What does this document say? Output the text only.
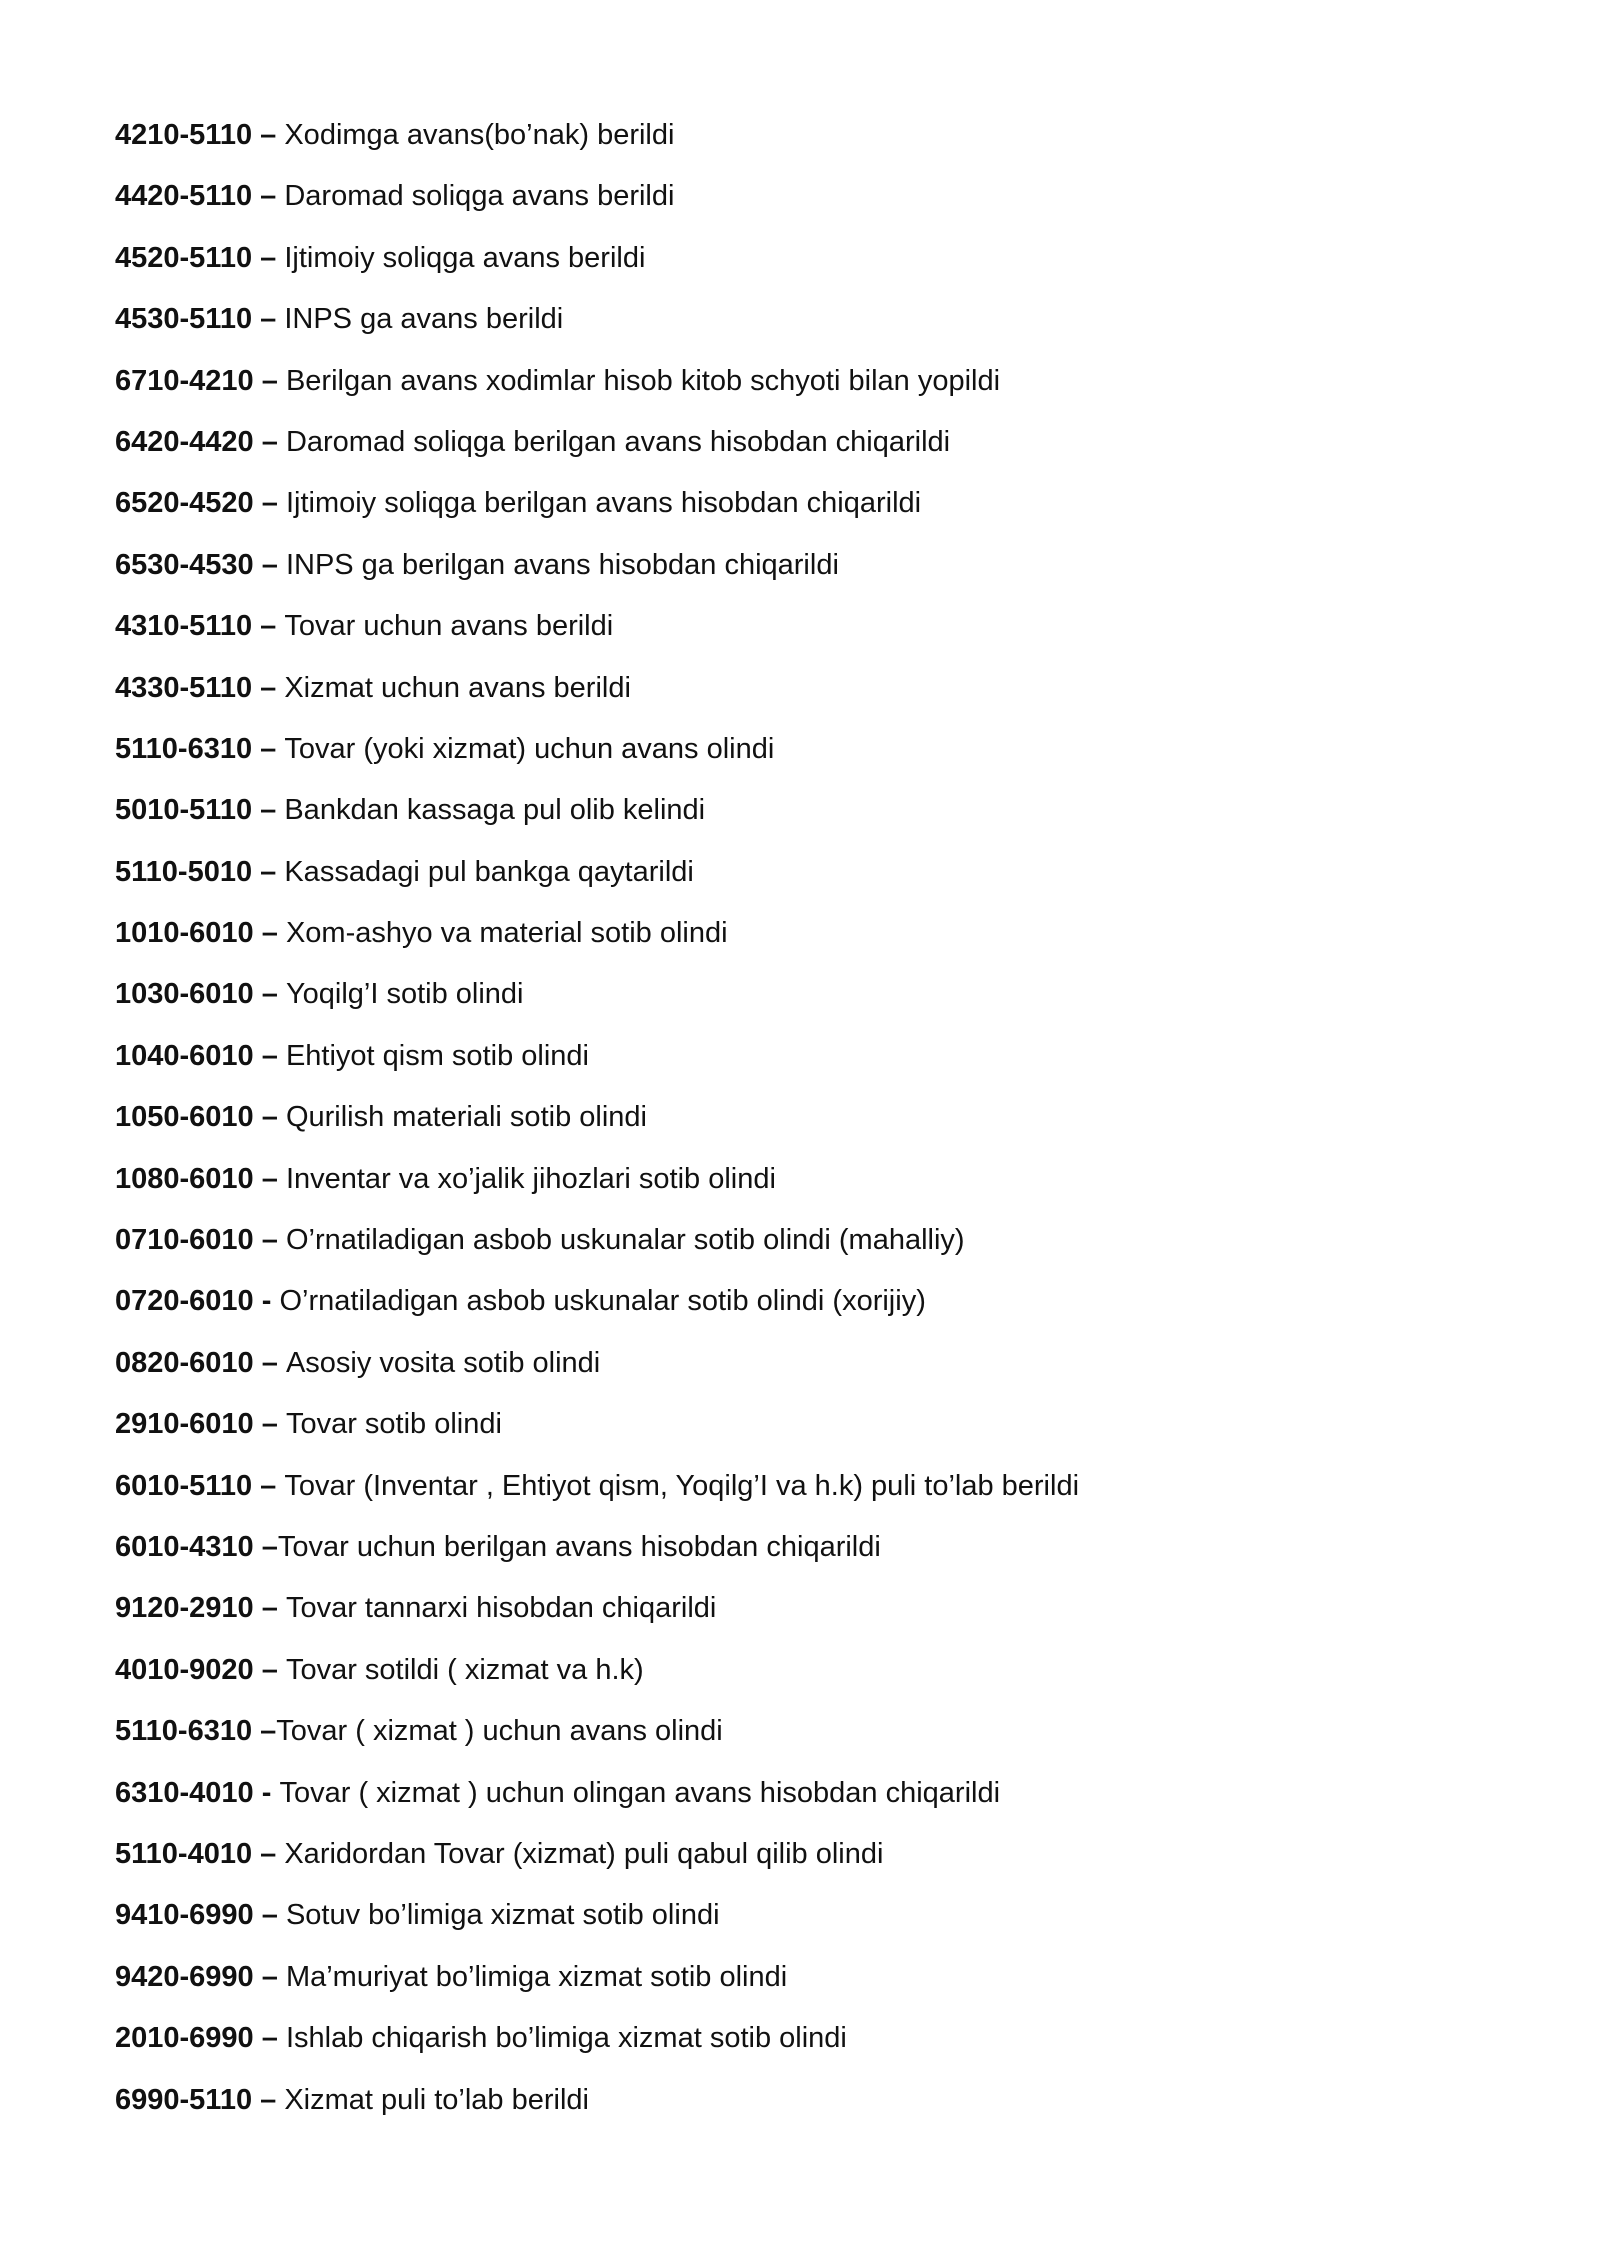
4210-5110 – Xodimga avans(bo’nak) berildi
4420-5110 – Daromad soliqga avans berildi
4520-5110 – Ijtimoiy soliqga avans berildi
4530-5110 – INPS ga avans berildi
6710-4210 – Berilgan avans xodimlar hisob kitob schyoti bilan yopildi
6420-4420 – Daromad soliqga berilgan avans hisobdan chiqarildi
6520-4520 – Ijtimoiy soliqga berilgan avans hisobdan chiqarildi
6530-4530 – INPS ga berilgan avans hisobdan chiqarildi
4310-5110 – Tovar uchun avans berildi
4330-5110 – Xizmat uchun avans berildi
5110-6310 – Tovar (yoki xizmat) uchun avans olindi
5010-5110 – Bankdan kassaga pul olib kelindi
5110-5010 – Kassadagi pul bankga qaytarildi
1010-6010 – Xom-ashyo va material sotib olindi
1030-6010 – Yoqilg’I sotib olindi
1040-6010 – Ehtiyot qism sotib olindi
1050-6010 – Qurilish materiali sotib olindi
1080-6010 – Inventar va xo’jalik jihozlari sotib olindi
0710-6010 – O’rnatiladigan asbob uskunalar sotib olindi (mahalliy)
0720-6010 - O’rnatiladigan asbob uskunalar sotib olindi (xorijiy)
0820-6010 – Asosiy vosita sotib olindi
2910-6010 – Tovar sotib olindi
6010-5110 – Tovar (Inventar , Ehtiyot qism, Yoqilg’I va h.k) puli to’lab berildi
6010-4310 –Tovar uchun berilgan avans hisobdan chiqarildi
9120-2910 – Tovar tannarxi hisobdan chiqarildi
4010-9020 – Tovar sotildi ( xizmat va h.k)
5110-6310 –Tovar ( xizmat ) uchun avans olindi
6310-4010 - Tovar ( xizmat ) uchun olingan avans hisobdan chiqarildi
5110-4010 – Xaridordan Tovar (xizmat) puli qabul qilib olindi
9410-6990 – Sotuv bo’limiga xizmat sotib olindi
9420-6990 – Ma’muriyat bo’limiga xizmat sotib olindi
2010-6990 – Ishlab chiqarish bo’limiga xizmat sotib olindi
6990-5110 – Xizmat puli to’lab berildi
